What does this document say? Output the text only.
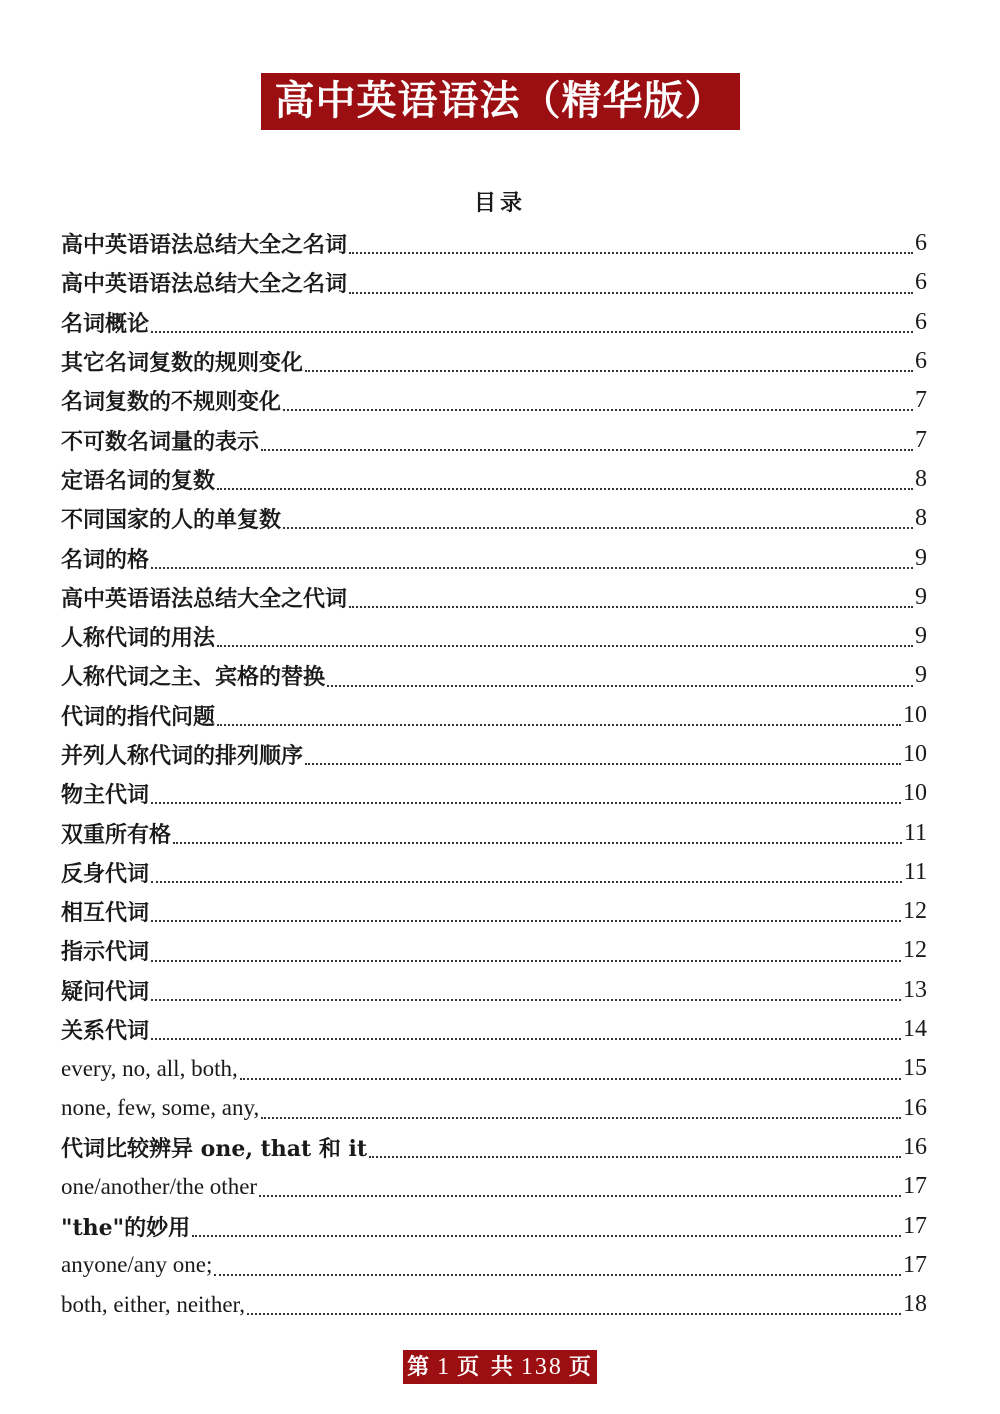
高中英语语法（精华版）
目录
高中英语语法总结大全之名词	6
高中英语语法总结大全之名词	6
名词概论	6
其它名词复数的规则变化	6
名词复数的不规则变化	7
不可数名词量的表示	7
定语名词的复数	8
不同国家的人的单复数	8
名词的格	9
高中英语语法总结大全之代词	9
人称代词的用法	9
人称代词之主、宾格的替换	9
代词的指代问题	10
并列人称代词的排列顺序	10
物主代词	10
双重所有格	11
反身代词	11
相互代词	12
指示代词	12
疑问代词	13
关系代词	14
every, no, all, both,	15
none, few, some, any,	16
代词比较辨异 one, that 和 it	16
one/another/the other	17
"the"的妙用	17
anyone/any one;	17
both, either, neither,	18
第 1 页 共 138 页
